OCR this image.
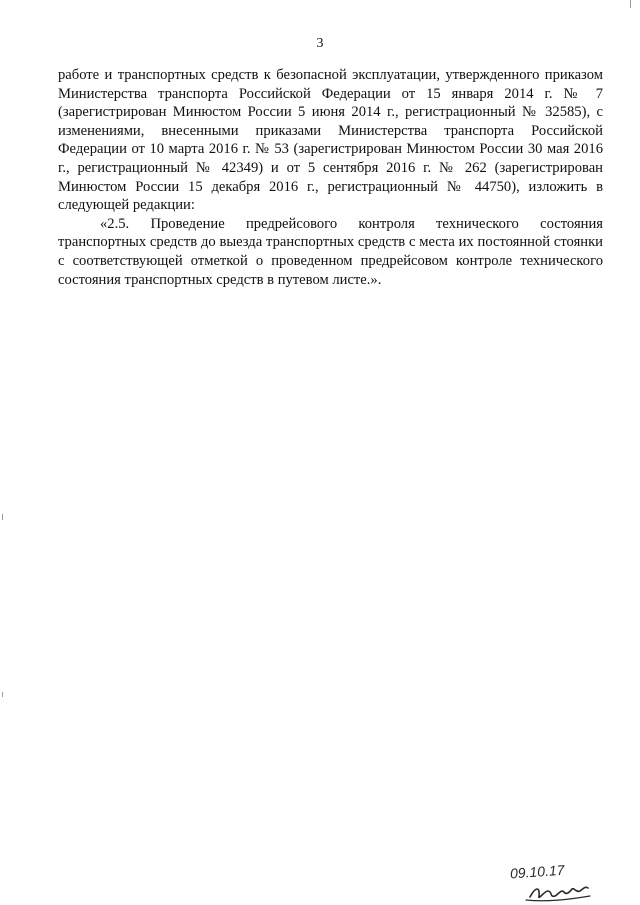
3

работе и транспортных средств к безопасной эксплуатации, утвержденного приказом Министерства транспорта Российской Федерации от 15 января 2014 г. № 7 (зарегистрирован Минюстом России 5 июня 2014 г., регистрационный № 32585), с изменениями, внесенными приказами Министерства транспорта Российской Федерации от 10 марта 2016 г. № 53 (зарегистрирован Минюстом России 30 мая 2016 г., регистрационный № 42349) и от 5 сентября 2016 г. № 262 (зарегистрирован Минюстом России 15 декабря 2016 г., регистрационный № 44750), изложить в следующей редакции:

«2.5. Проведение предрейсового контроля технического состояния транспортных средств до выезда транспортных средств с места их постоянной стоянки с соответствующей отметкой о проведенном предрейсовом контроле технического состояния транспортных средств в путевом листе.».

09.10.17
